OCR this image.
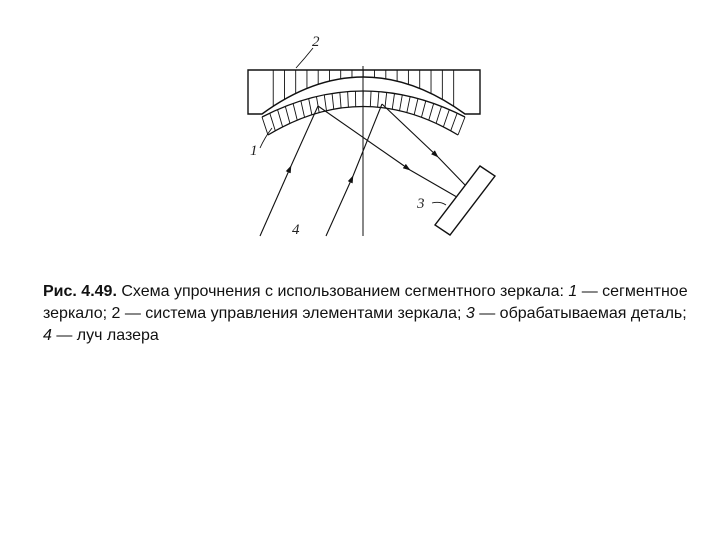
2
1
3
4
Рис. 4.49. Схема упрочнения с использованием сегментного зеркала: 1 — сегментное зеркало; 2 — система управления элементами зеркала; 3 — обрабатываемая деталь; 4 — луч лазера
